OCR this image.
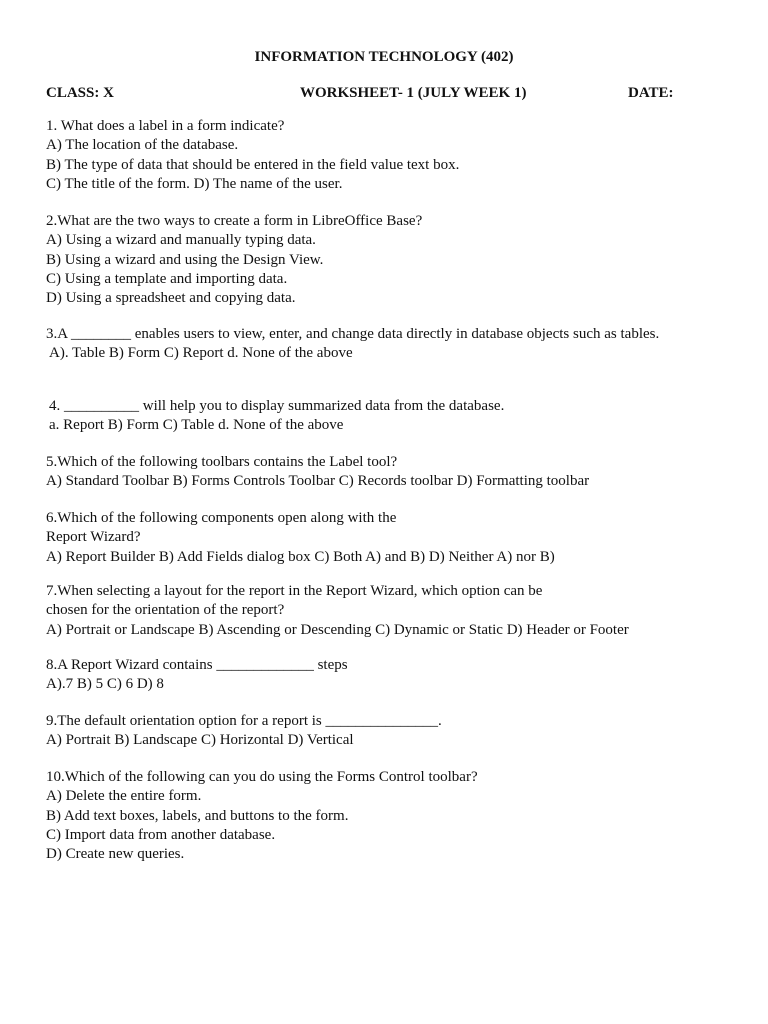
INFORMATION TECHNOLOGY (402)
CLASS: X	WORKSHEET- 1 (JULY WEEK 1)	DATE:
1. What does a label in a form indicate?
A) The location of the database.
B) The type of data that should be entered in the field value text box.
C) The title of the form. D) The name of the user.
2.What are the two ways to create a form in LibreOffice Base?
A) Using a wizard and manually typing data.
B) Using a wizard and using the Design View.
C) Using a template and importing data.
D) Using a spreadsheet and copying data.
3.A ________ enables users to view, enter, and change data directly in database objects such as tables.
A). Table B) Form C) Report d. None of the above
4. __________ will help you to display summarized data from the database.
a. Report B) Form C) Table d. None of the above
5.Which of the following toolbars contains the Label tool?
A) Standard Toolbar B) Forms Controls Toolbar C) Records toolbar D) Formatting toolbar
6.Which of the following components open along with the
Report Wizard?
A) Report Builder B) Add Fields dialog box C) Both A) and B) D) Neither A) nor B)
7.When selecting a layout for the report in the Report Wizard, which option can be
chosen for the orientation of the report?
A) Portrait or Landscape B) Ascending or Descending C) Dynamic or Static D) Header or Footer
8.A Report Wizard contains _____________ steps
A).7 B) 5 C) 6 D) 8
9.The default orientation option for a report is _______________.
A) Portrait B) Landscape C) Horizontal D) Vertical
10.Which of the following can you do using the Forms Control toolbar?
A) Delete the entire form.
B) Add text boxes, labels, and buttons to the form.
C) Import data from another database.
D) Create new queries.
